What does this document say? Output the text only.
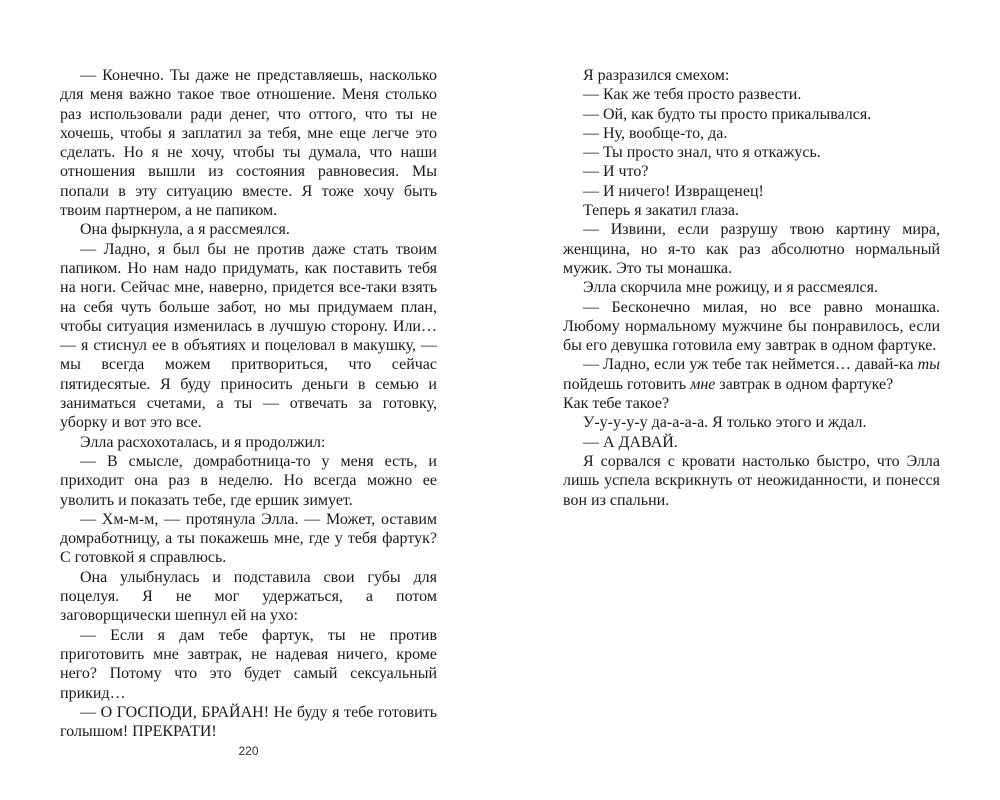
— Конечно. Ты даже не представляешь, насколько для меня важно такое твое отношение. Меня столько раз использовали ради денег, что оттого, что ты не хочешь, чтобы я заплатил за тебя, мне еще легче это сделать. Но я не хочу, чтобы ты думала, что наши отношения вышли из состояния равновесия. Мы попали в эту ситуацию вместе. Я тоже хочу быть твоим партнером, а не папиком.

Она фыркнула, а я рассмеялся.

— Ладно, я был бы не против даже стать твоим папиком. Но нам надо придумать, как поставить тебя на ноги. Сейчас мне, наверно, придется все-таки взять на себя чуть больше забот, но мы придумаем план, чтобы ситуация изменилась в лучшую сторону. Или… — я стиснул ее в объятиях и поцеловал в макушку, — мы всегда можем притвориться, что сейчас пятидесятые. Я буду приносить деньги в семью и заниматься счетами, а ты — отвечать за готовку, уборку и вот это все.

Элла расхохоталась, и я продолжил:

— В смысле, домработница-то у меня есть, и приходит она раз в неделю. Но всегда можно ее уволить и показать тебе, где ершик зимует.

— Хм-м-м, — протянула Элла. — Может, оставим домработницу, а ты покажешь мне, где у тебя фартук? С готовкой я справлюсь.

Она улыбнулась и подставила свои губы для поцелуя. Я не мог удержаться, а потом заговорщически шепнул ей на ухо:

— Если я дам тебе фартук, ты не против приготовить мне завтрак, не надевая ничего, кроме него? Потому что это будет самый сексуальный прикид…

— О ГОСПОДИ, БРАЙАН! Не буду я тебе готовить голышом! ПРЕКРАТИ!

Я разразился смехом:

— Как же тебя просто развести.

— Ой, как будто ты просто прикалывался.

— Ну, вообще-то, да.

— Ты просто знал, что я откажусь.

— И что?

— И ничего! Извращенец!

Теперь я закатил глаза.

— Извини, если разрушу твою картину мира, женщина, но я-то как раз абсолютно нормальный мужик. Это ты монашка.

Элла скорчила мне рожицу, и я рассмеялся.

— Бесконечно милая, но все равно монашка. Любому нормальному мужчине бы понравилось, если бы его девушка готовила ему завтрак в одном фартуке.

— Ладно, если уж тебе так неймется… давай-ка ты пойдешь готовить мне завтрак в одном фартуке?

Как тебе такое?

У-у-у-у-у да-а-а-а. Я только этого и ждал.

— А ДАВАЙ.

Я сорвался с кровати настолько быстро, что Элла лишь успела вскрикнуть от неожиданности, и понесся вон из спальни.

220
